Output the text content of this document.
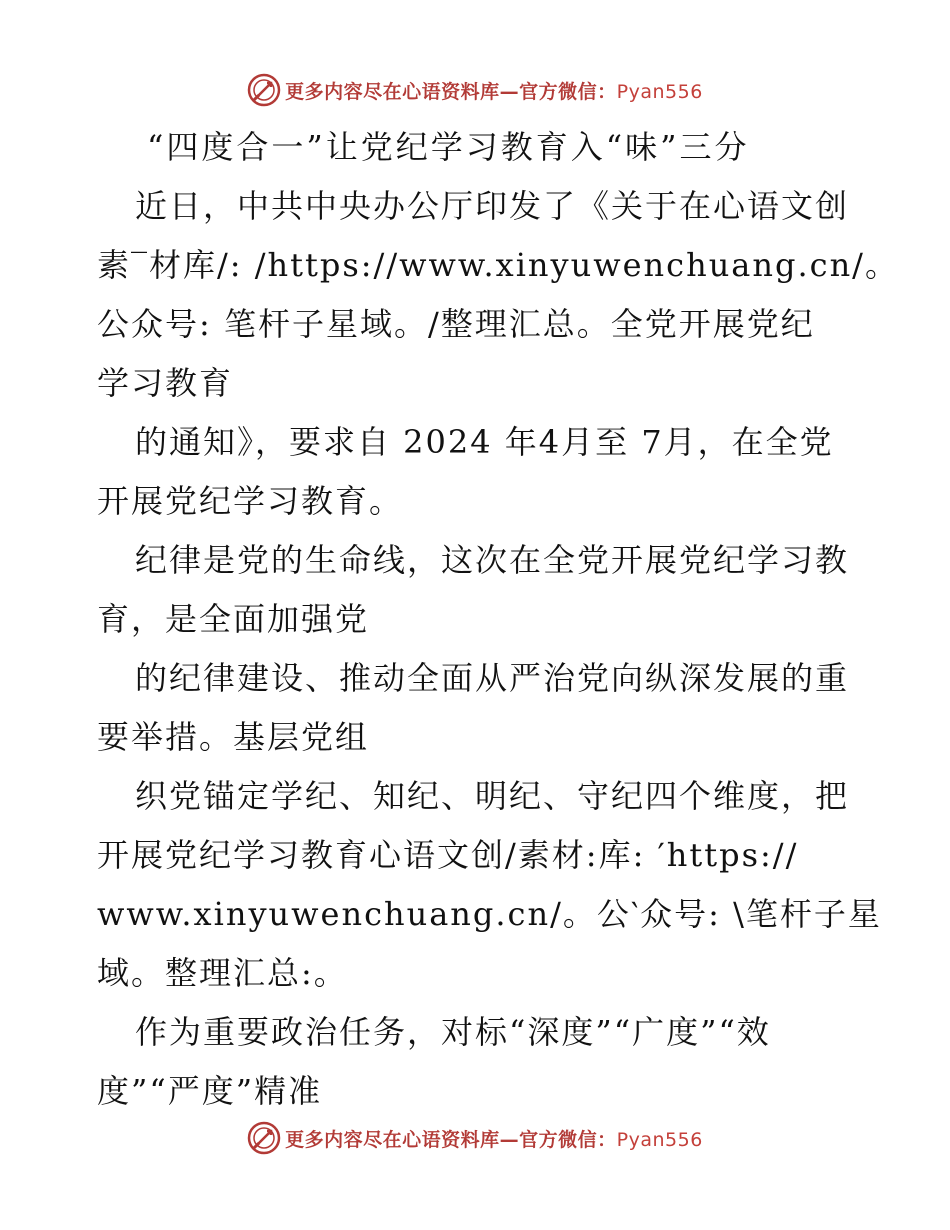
更多内容尽在心语资料库—官方微信：Pyan556
“四度合一”让党纪学习教育入“味”三分
近日，中共中央办公厅印发了《关于在心语文创
素‾材库/: /https://www.xinyuwenchuang.cn/。
公众号: 笔杆子星域。/整理汇总。全党开展党纪
学习教育
的通知》，要求自 2024 年4月至 7月，在全党
开展党纪学习教育。
纪律是党的生命线，这次在全党开展党纪学习教
育，是全面加强党
的纪律建设、推动全面从严治党向纵深发展的重
要举措。基层党组
织党锚定学纪、知纪、明纪、守纪四个维度，把
开展党纪学习教育心语文创/素材:库: ′https://
www.xinyuwenchuang.cn/。公‵众号: \笔杆子星
域。整理汇总:。
作为重要政治任务，对标“深度”“广度”“效
度”“严度”精准
更多内容尽在心语资料库—官方微信：Pyan556
